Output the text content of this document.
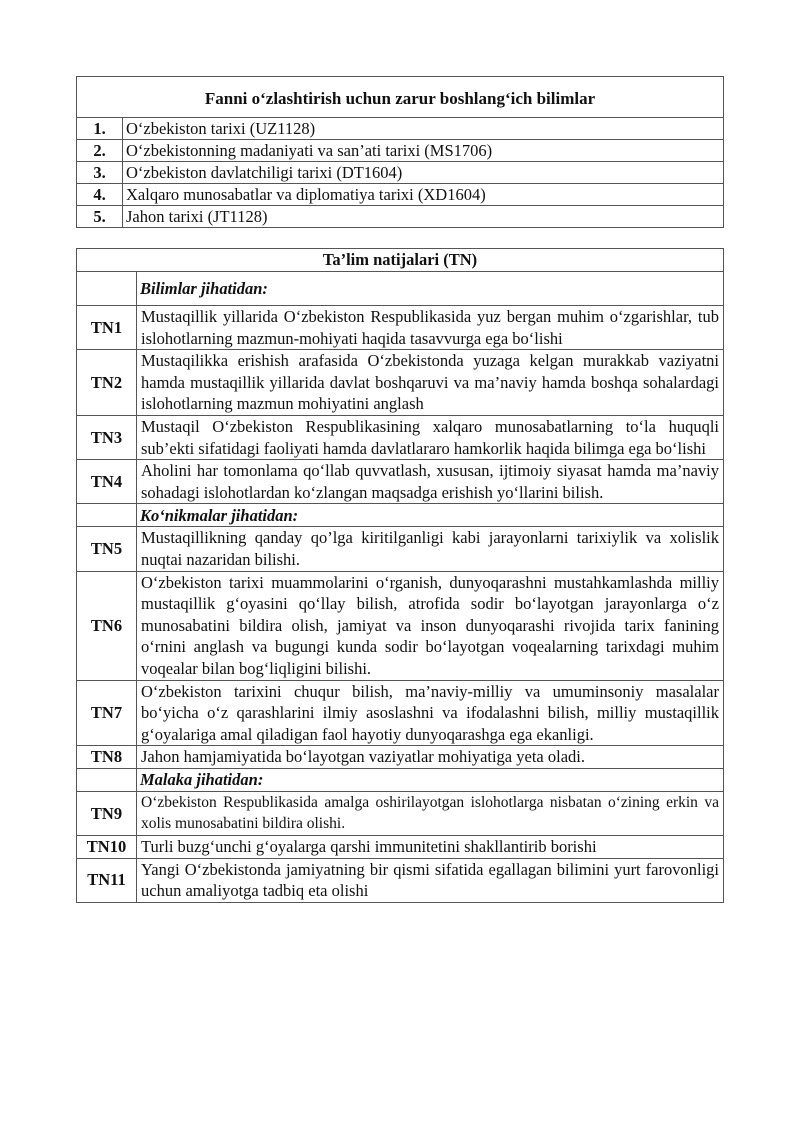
Fanni o‘zlashtirish uchun zarur boshlang‘ich bilimlar	
1.	O‘zbekiston tarixi (UZ1128)
2.	O‘zbekistonning madaniyati va san’ati tarixi (MS1706)
3.	O‘zbekiston davlatchiligi tarixi (DT1604)
4.	Xalqaro munosabatlar va diplomatiya tarixi (XD1604)
5.	Jahon tarixi (JT1128)
Ta’lim natijalari (TN)	
	Bilimlar jihatidan:
TN1	Mustaqillik yillarida O‘zbekiston Respublikasida yuz bergan muhim o‘zgarishlar, tub islohotlarning mazmun-mohiyati haqida tasavvurga ega bo‘lishi
TN2	Mustaqilikka erishish arafasida O‘zbekistonda yuzaga kelgan murakkab vaziyatni hamda mustaqillik yillarida davlat boshqaruvi va ma’naviy hamda boshqa sohalardagi islohotlarning mazmun mohiyatini anglash
TN3	Mustaqil O‘zbekiston Respublikasining xalqaro munosabatlarning to‘la huquqli sub’ekti sifatidagi faoliyati hamda davlatlararo hamkorlik haqida bilimga ega bo‘lishi
TN4	Aholini har tomonlama qo‘llab quvvatlash, xususan, ijtimoiy siyasat hamda ma’naviy sohadagi islohotlardan ko‘zlangan maqsadga erishish yo‘llarini bilish.
	Ko‘nikmalar jihatidan:
TN5	Mustaqillikning qanday qo’lga kiritilganligi kabi jarayonlarni tarixiylik va xolislik nuqtai nazaridan bilishi.
TN6	O‘zbekiston tarixi muammolarini o‘rganish, dunyoqarashni mustahkamlashda milliy mustaqillik g‘oyasini qo‘llay bilish, atrofida sodir bo‘layotgan jarayonlarga o‘z munosabatini bildira olish, jamiyat va inson dunyoqarashi rivojida tarix fanining o‘rnini anglash va bugungi kunda sodir bo‘layotgan voqealarning tarixdagi muhim voqealar bilan bog‘liqligini bilishi.
TN7	O‘zbekiston tarixini chuqur bilish, ma’naviy-milliy va umuminsoniy masalalar bo‘yicha o‘z qarashlarini ilmiy asoslashni va ifodalashni bilish, milliy mustaqillik g‘oyalariga amal qiladigan faol hayotiy dunyoqarashga ega ekanligi.
TN8	Jahon hamjamiyatida bo‘layotgan vaziyatlar mohiyatiga yeta oladi.
	Malaka jihatidan:
TN9	O‘zbekiston Respublikasida amalga oshirilayotgan islohotlarga nisbatan o‘zining erkin va xolis munosabatini bildira olishi.
TN10	Turli buzg‘unchi g‘oyalarga qarshi immunitetini shakllantirib borishi
TN11	Yangi O‘zbekistonda jamiyatning bir qismi sifatida egallagan bilimini yurt farovonligi uchun amaliyotga tadbiq eta olishi
